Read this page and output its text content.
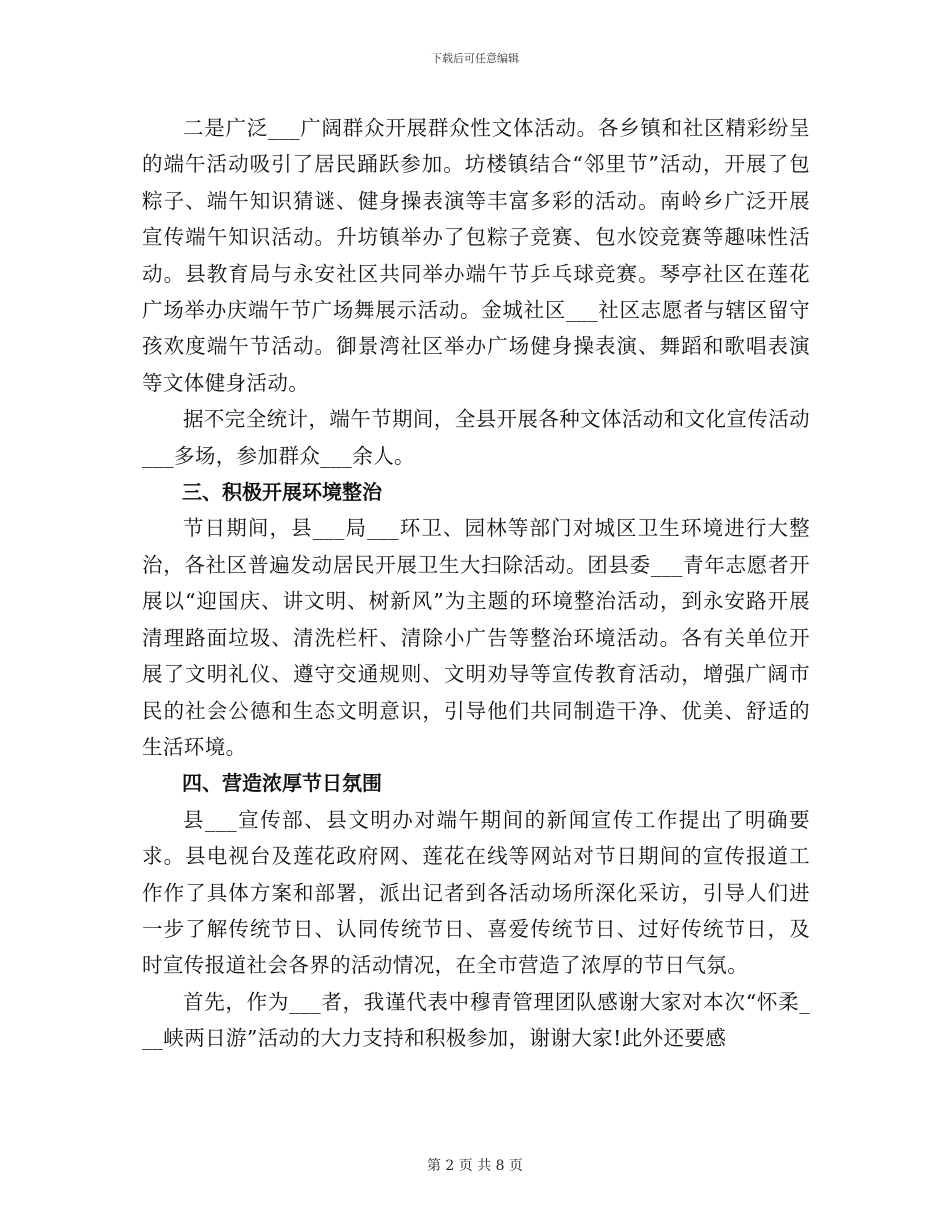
下载后可任意编辑

二是广泛___广阔群众开展群众性文体活动。各乡镇和社区精彩纷呈的端午活动吸引了居民踊跃参加。坊楼镇结合“邻里节”活动，开展了包粽子、端午知识猜谜、健身操表演等丰富多彩的活动。南岭乡广泛开展宣传端午知识活动。升坊镇举办了包粽子竞赛、包水饺竞赛等趣味性活动。县教育局与永安社区共同举办端午节乒乓球竞赛。琴亭社区在莲花广场举办庆端午节广场舞展示活动。金城社区___社区志愿者与辖区留守孩欢度端午节活动。御景湾社区举办广场健身操表演、舞蹈和歌唱表演等文体健身活动。

据不完全统计，端午节期间，全县开展各种文体活动和文化宣传活动___多场，参加群众___余人。

三、积极开展环境整治

节日期间，县___局___环卫、园林等部门对城区卫生环境进行大整治，各社区普遍发动居民开展卫生大扫除活动。团县委___青年志愿者开展以“迎国庆、讲文明、树新风”为主题的环境整治活动，到永安路开展清理路面垃圾、清洗栏杆、清除小广告等整治环境活动。各有关单位开展了文明礼仪、遵守交通规则、文明劝导等宣传教育活动，增强广阔市民的社会公德和生态文明意识，引导他们共同制造干净、优美、舒适的生活环境。

四、营造浓厚节日氛围

县___宣传部、县文明办对端午期间的新闻宣传工作提出了明确要求。县电视台及莲花政府网、莲花在线等网站对节日期间的宣传报道工作作了具体方案和部署，派出记者到各活动场所深化采访，引导人们进一步了解传统节日、认同传统节日、喜爱传统节日、过好传统节日，及时宣传报道社会各界的活动情况，在全市营造了浓厚的节日气氛。

首先，作为___者，我谨代表中穆青管理团队感谢大家对本次“怀柔___峡两日游”活动的大力支持和积极参加，谢谢大家!此外还要感

第 2 页 共 8 页
